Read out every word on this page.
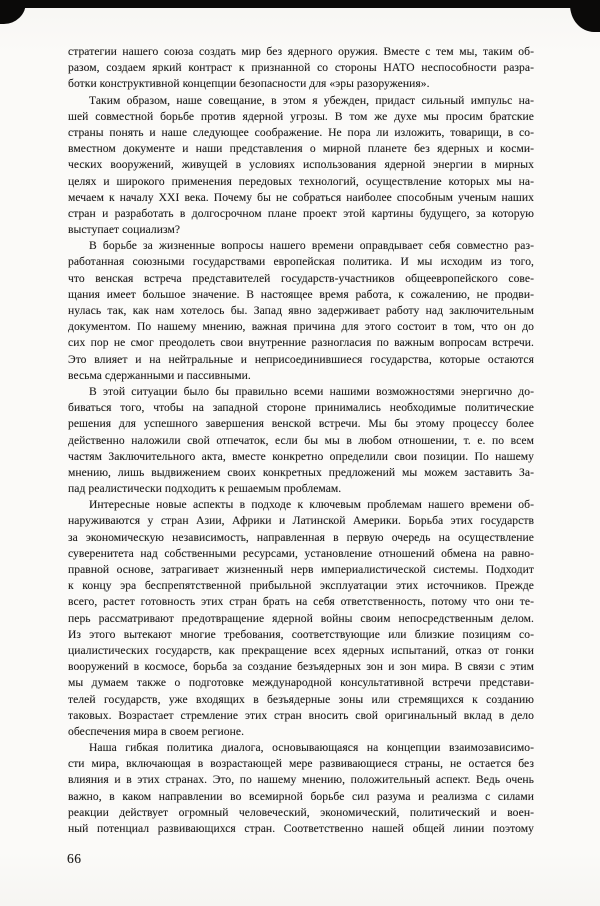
стратегии нашего союза создать мир без ядерного оружия. Вместе с тем мы, таким об-
разом, создаем яркий контраст к признанной со стороны НАТО неспособности разра-
ботки конструктивной концепции безопасности для «эры разоружения».
Таким образом, наше совещание, в этом я убежден, придаст сильный импульс на-
шей совместной борьбе против ядерной угрозы. В том же духе мы просим братские
страны понять и наше следующее соображение. Не пора ли изложить, товарищи, в со-
вместном документе и наши представления о мирной планете без ядерных и косми-
ческих вооружений, живущей в условиях использования ядерной энергии в мирных
целях и широкого применения передовых технологий, осуществление которых мы на-
мечаем к началу XXI века. Почему бы не собраться наиболее способным ученым наших
стран и разработать в долгосрочном плане проект этой картины будущего, за которую
выступает социализм?
В борьбе за жизненные вопросы нашего времени оправдывает себя совместно раз-
работанная союзными государствами европейская политика. И мы исходим из того,
что венская встреча представителей государств-участников общеевропейского сове-
щания имеет большое значение. В настоящее время работа, к сожалению, не продви-
нулась так, как нам хотелось бы. Запад явно задерживает работу над заключительным
документом. По нашему мнению, важная причина для этого состоит в том, что он до
сих пор не смог преодолеть свои внутренние разногласия по важным вопросам встречи.
Это влияет и на нейтральные и неприсоединившиеся государства, которые остаются
весьма сдержанными и пассивными.
В этой ситуации было бы правильно всеми нашими возможностями энергично до-
биваться того, чтобы на западной стороне принимались необходимые политические
решения для успешного завершения венской встречи. Мы бы этому процессу более
действенно наложили свой отпечаток, если бы мы в любом отношении, т. е. по всем
частям Заключительного акта, вместе конкретно определили свои позиции. По нашему
мнению, лишь выдвижением своих конкретных предложений мы можем заставить За-
пад реалистически подходить к решаемым проблемам.
Интересные новые аспекты в подходе к ключевым проблемам нашего времени об-
наруживаются у стран Азии, Африки и Латинской Америки. Борьба этих государств
за экономическую независимость, направленная в первую очередь на осуществление
суверенитета над собственными ресурсами, установление отношений обмена на равно-
правной основе, затрагивает жизненный нерв империалистической системы. Подходит
к концу эра беспрепятственной прибыльной эксплуатации этих источников. Прежде
всего, растет готовность этих стран брать на себя ответственность, потому что они те-
перь рассматривают предотвращение ядерной войны своим непосредственным делом.
Из этого вытекают многие требования, соответствующие или близкие позициям со-
циалистических государств, как прекращение всех ядерных испытаний, отказ от гонки
вооружений в космосе, борьба за создание безъядерных зон и зон мира. В связи с этим
мы думаем также о подготовке международной консультативной встречи представи-
телей государств, уже входящих в безъядерные зоны или стремящихся к созданию
таковых. Возрастает стремление этих стран вносить свой оригинальный вклад в дело
обеспечения мира в своем регионе.
Наша гибкая политика диалога, основывающаяся на концепции взаимозависимо-
сти мира, включающая в возрастающей мере развивающиеся страны, не остается без
влияния и в этих странах. Это, по нашему мнению, положительный аспект. Ведь очень
важно, в каком направлении во всемирной борьбе сил разума и реализма с силами
реакции действует огромный человеческий, экономический, политический и воен-
ный потенциал развивающихся стран. Соответственно нашей общей линии поэтому
66
